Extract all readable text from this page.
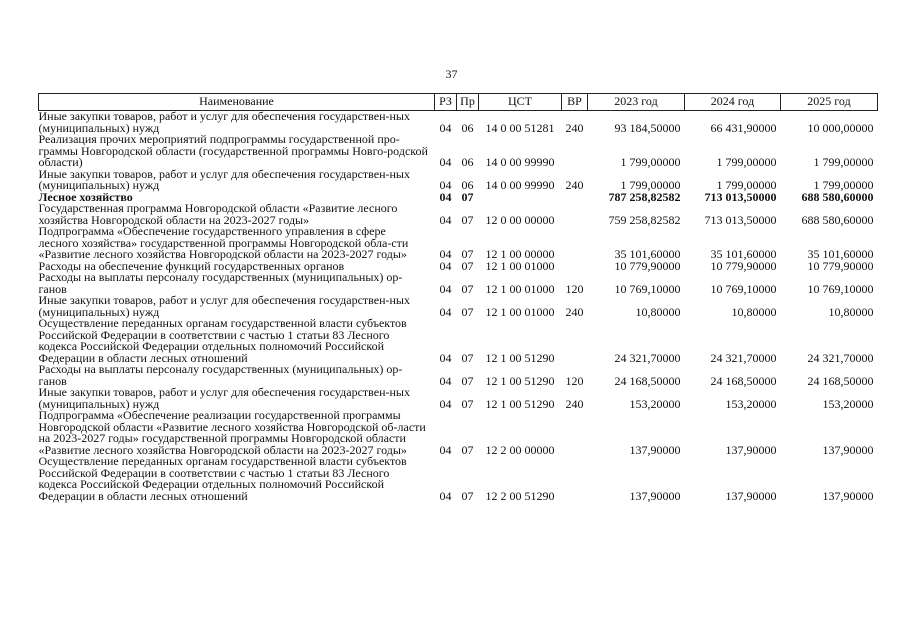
37
Наименование	РЗ	Пр	ЦСТ	ВР	2023 год	2024 год	2025 год
Иные закупки товаров, работ и услуг для обеспечения государствен-ных (муниципальных) нужд	04	06	14 0 00 51281	240	93 184,50000	66 431,90000	10 000,00000
Реализация прочих мероприятий подпрограммы государственной про-граммы Новгородской области (государственной программы Новго-родской области)	04	06	14 0 00 99990		1 799,00000	1 799,00000	1 799,00000
Иные закупки товаров, работ и услуг для обеспечения государствен-ных (муниципальных) нужд	04	06	14 0 00 99990	240	1 799,00000	1 799,00000	1 799,00000
Лесное хозяйство	04	07			787 258,82582	713 013,50000	688 580,60000
Государственная программа Новгородской области «Развитие лесного хозяйства Новгородской области на 2023-2027 годы»	04	07	12 0 00 00000		759 258,82582	713 013,50000	688 580,60000
Подпрограмма «Обеспечение государственного управления в сфере лесного хозяйства» государственной программы Новгородской обла-сти «Развитие лесного хозяйства Новгородской области на 2023-2027 годы»	04	07	12 1 00 00000		35 101,60000	35 101,60000	35 101,60000
Расходы на обеспечение функций государственных органов	04	07	12 1 00 01000		10 779,90000	10 779,90000	10 779,90000
Расходы на выплаты персоналу государственных (муниципальных) ор-ганов	04	07	12 1 00 01000	120	10 769,10000	10 769,10000	10 769,10000
Иные закупки товаров, работ и услуг для обеспечения государствен-ных (муниципальных) нужд	04	07	12 1 00 01000	240	10,80000	10,80000	10,80000
Осуществление переданных органам государственной власти субъектов Российской Федерации в соответствии с частью 1 статьи 83 Лесного кодекса Российской Федерации отдельных полномочий Российской Федерации в области лесных отношений	04	07	12 1 00 51290		24 321,70000	24 321,70000	24 321,70000
Расходы на выплаты персоналу государственных (муниципальных) ор-ганов	04	07	12 1 00 51290	120	24 168,50000	24 168,50000	24 168,50000
Иные закупки товаров, работ и услуг для обеспечения государствен-ных (муниципальных) нужд	04	07	12 1 00 51290	240	153,20000	153,20000	153,20000
Подпрограмма «Обеспечение реализации государственной программы Новгородской области «Развитие лесного хозяйства Новгородской об-ласти на 2023-2027 годы» государственной программы Новгородской области «Развитие лесного хозяйства Новгородской области на 2023-2027 годы»	04	07	12 2 00 00000		137,90000	137,90000	137,90000
Осуществление переданных органам государственной власти субъектов Российской Федерации в соответствии с частью 1 статьи 83 Лесного кодекса Российской Федерации отдельных полномочий Российской Федерации в области лесных отношений	04	07	12 2 00 51290		137,90000	137,90000	137,90000
